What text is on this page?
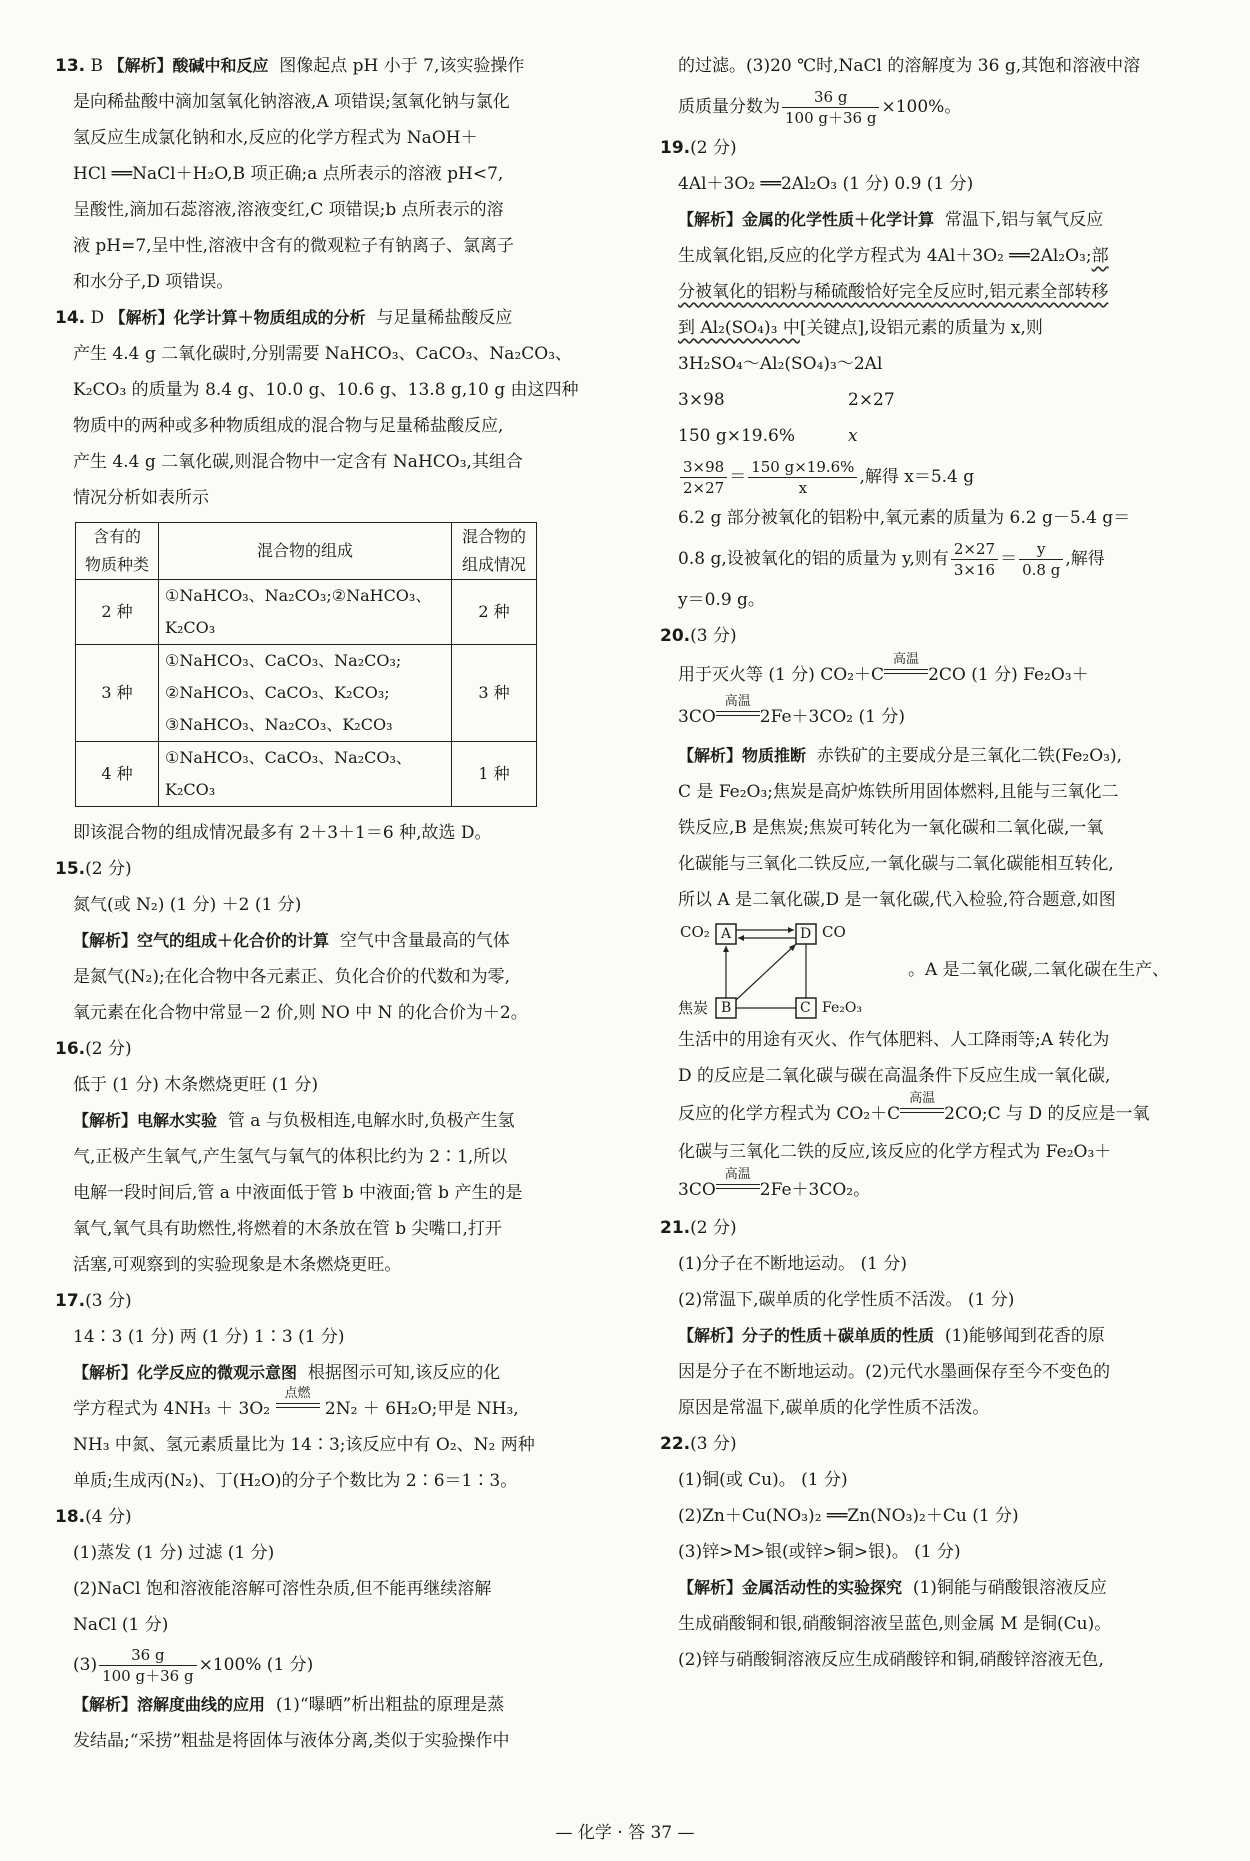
13. B 【解析】酸碱中和反应 图像起点 pH 小于 7,该实验操作

是向稀盐酸中滴加氢氧化钠溶液,A 项错误;氢氧化钠与氯化

氢反应生成氯化钠和水,反应的化学方程式为 NaOH＋

HCl ══NaCl＋H₂O,B 项正确;a 点所表示的溶液 pH<7,

呈酸性,滴加石蕊溶液,溶液变红,C 项错误;b 点所表示的溶

液 pH=7,呈中性,溶液中含有的微观粒子有钠离子、氯离子

和水分子,D 项错误。

14. D 【解析】化学计算＋物质组成的分析 与足量稀盐酸反应

产生 4.4 g 二氧化碳时,分别需要 NaHCO₃、CaCO₃、Na₂CO₃、

K₂CO₃ 的质量为 8.4 g、10.0 g、10.6 g、13.8 g,10 g 由这四种

物质中的两种或多种物质组成的混合物与足量稀盐酸反应,

产生 4.4 g 二氧化碳,则混合物中一定含有 NaHCO₃,其组合

情况分析如表所示

含有的
物质种类	混合物的组成	混合物的
组成情况
2 种	①NaHCO₃、Na₂CO₃;②NaHCO₃、K₂CO₃	2 种
3 种	①NaHCO₃、CaCO₃、Na₂CO₃;
②NaHCO₃、CaCO₃、K₂CO₃;
③NaHCO₃、Na₂CO₃、K₂CO₃	3 种
4 种	①NaHCO₃、CaCO₃、Na₂CO₃、K₂CO₃	1 种

即该混合物的组成情况最多有 2＋3＋1＝6 种,故选 D。

15.(2 分)

氮气(或 N₂) (1 分) ＋2 (1 分)

【解析】空气的组成＋化合价的计算 空气中含量最高的气体

是氮气(N₂);在化合物中各元素正、负化合价的代数和为零,

氧元素在化合物中常显－2 价,则 NO 中 N 的化合价为＋2。

16.(2 分)

低于 (1 分) 木条燃烧更旺 (1 分)

【解析】电解水实验 管 a 与负极相连,电解水时,负极产生氢

气,正极产生氧气,产生氢气与氧气的体积比约为 2∶1,所以

电解一段时间后,管 a 中液面低于管 b 中液面;管 b 产生的是

氧气,氧气具有助燃性,将燃着的木条放在管 b 尖嘴口,打开

活塞,可观察到的实验现象是木条燃烧更旺。

17.(3 分)

14∶3 (1 分) 两 (1 分) 1∶3 (1 分)

【解析】化学反应的微观示意图 根据图示可知,该反应的化

学方程式为 4NH₃ ＋ 3O₂
点燃
2N₂ ＋ 6H₂O;甲是 NH₃,

NH₃ 中氮、氢元素质量比为 14∶3;该反应中有 O₂、N₂ 两种

单质;生成丙(N₂)、丁(H₂O)的分子个数比为 2∶6＝1∶3。

18.(4 分)

(1)蒸发 (1 分) 过滤 (1 分)

(2)NaCl 饱和溶液能溶解可溶性杂质,但不能再继续溶解

NaCl (1 分)

$(3) \frac{36 g}{100 g+36 g} \times 100\%$ (1 分)

【解析】溶解度曲线的应用 (1)“曝晒”析出粗盐的原理是蒸

发结晶;“采捞”粗盐是将固体与液体分离,类似于实验操作中

的过滤。(3)20 ℃时,NaCl 的溶解度为 36 g,其饱和溶液中溶

质质量分数为 $\frac{36 g}{100 g+36 g} \times 100\%$。

19.(2 分)

4Al＋3O₂ ══2Al₂O₃ (1 分) 0.9 (1 分)

【解析】金属的化学性质＋化学计算 常温下,铝与氧气反应

生成氧化铝,反应的化学方程式为 4Al＋3O₂ ══2Al₂O₃;部

分被氧化的铝粉与稀硫酸恰好完全反应时,铝元素全部转移

到 Al₂(SO₄)₃ 中[关键点],设铝元素的质量为 x,则

3H₂SO₄～Al₂(SO₄)₃～2Al

3×98	2×27

150 g×19.6%	x

$\frac{3\times 98}{2\times 27} = \frac{150 g\times 19.6\%}{x}$ ,解得 x＝5.4 g

6.2 g 部分被氧化的铝粉中,氧元素的质量为 6.2 g－5.4 g＝

0.8 g,设被氧化的铝的质量为 y,则有 $\frac{2\times 27}{3\times 16} = \frac{y}{0.8 g}$ ,解得

y＝0.9 g。

20.(3 分)

用于灭火等 (1 分) CO₂＋C
高温
2CO (1 分) Fe₂O₃＋

3CO
高温
2Fe＋3CO₂ (1 分)

【解析】物质推断 赤铁矿的主要成分是三氧化二铁(Fe₂O₃),

C 是 Fe₂O₃;焦炭是高炉炼铁所用固体燃料,且能与三氧化二

铁反应,B 是焦炭;焦炭可转化为一氧化碳和二氧化碳,一氧

化碳能与三氧化二铁反应,一氧化碳与二氧化碳能相互转化,

所以 A 是二氧化碳,D 是一氧化碳,代入检验,符合题意,如图

CO₂ A	D CO
焦炭 B	C Fe₂O₃
。A 是二氧化碳,二氧化碳在生产、

生活中的用途有灭火、作气体肥料、人工降雨等;A 转化为

D 的反应是二氧化碳与碳在高温条件下反应生成一氧化碳,

反应的化学方程式为 CO₂＋C
高温
2CO;C 与 D 的反应是一氧

化碳与三氧化二铁的反应,该反应的化学方程式为 Fe₂O₃＋

3CO
高温
2Fe＋3CO₂。

21.(2 分)

(1)分子在不断地运动。 (1 分)

(2)常温下,碳单质的化学性质不活泼。 (1 分)

【解析】分子的性质＋碳单质的性质 (1)能够闻到花香的原

因是分子在不断地运动。(2)元代水墨画保存至今不变色的

原因是常温下,碳单质的化学性质不活泼。

22.(3 分)

(1)铜(或 Cu)。 (1 分)

(2)Zn＋Cu(NO₃)₂ ══Zn(NO₃)₂＋Cu (1 分)

(3)锌>M>银(或锌>铜>银)。 (1 分)

【解析】金属活动性的实验探究 (1)铜能与硝酸银溶液反应

生成硝酸铜和银,硝酸铜溶液呈蓝色,则金属 M 是铜(Cu)。

(2)锌与硝酸铜溶液反应生成硝酸锌和铜,硝酸锌溶液无色,

— 化学 · 答 37 —
